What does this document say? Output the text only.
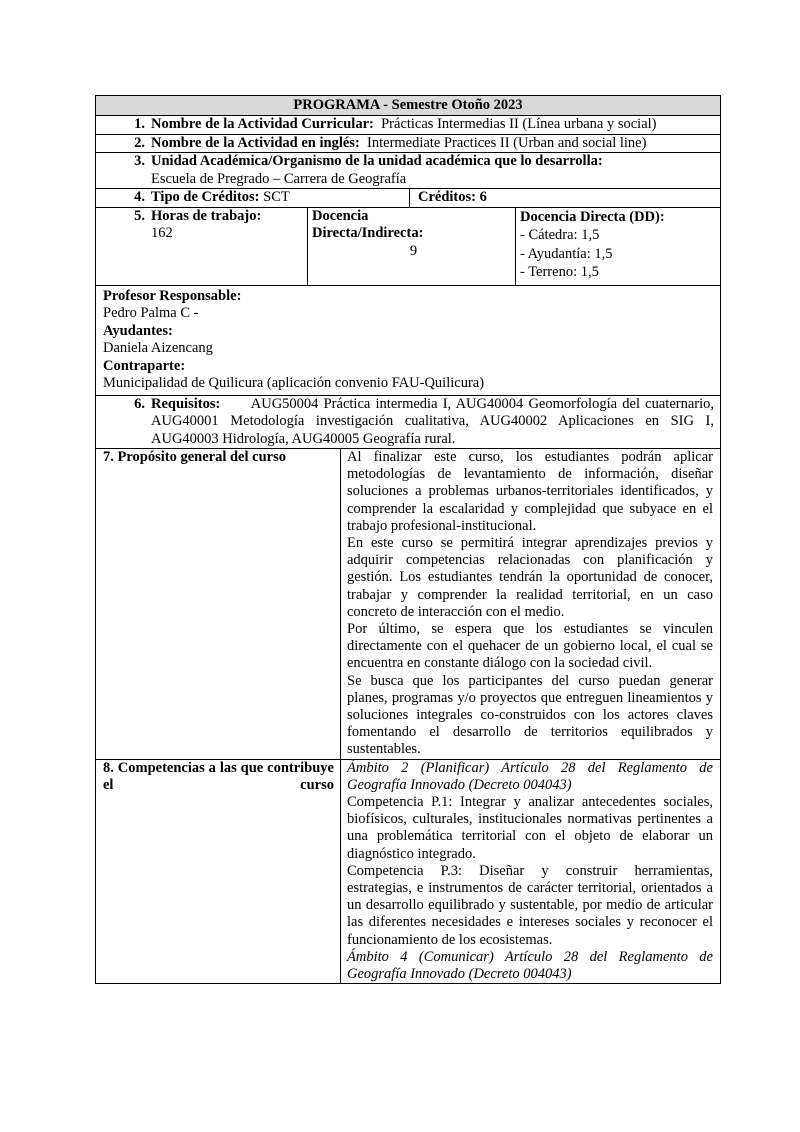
PROGRAMA - Semestre Otoño 2023
1. Nombre de la Actividad Curricular: Prácticas Intermedias II (Línea urbana y social)
2. Nombre de la Actividad en inglés: Intermediate Practices II (Urban and social line)
3. Unidad Académica/Organismo de la unidad académica que lo desarrolla:
Escuela de Pregrado – Carrera de Geografía
4. Tipo de Créditos: SCT	Créditos: 6
5. Horas de trabajo:
162
Docencia
Directa/Indirecta:
9
Docencia Directa (DD):
- Cátedra: 1,5
- Ayudantía: 1,5
- Terreno: 1,5
Profesor Responsable:
Pedro Palma C -
Ayudantes:
Daniela Aizencang
Contraparte:
Municipalidad de Quilicura (aplicación convenio FAU-Quilicura)
6. Requisitos: AUG50004 Práctica intermedia I, AUG40004 Geomorfología del cuaternario, AUG40001 Metodología investigación cualitativa, AUG40002 Aplicaciones en SIG I, AUG40003 Hidrología, AUG40005 Geografía rural.
7. Propósito general del curso	Al finalizar este curso, los estudiantes podrán aplicar metodologías de levantamiento de información, diseñar soluciones a problemas urbanos-territoriales identificados, y comprender la escalaridad y complejidad que subyace en el trabajo profesional-institucional.

En este curso se permitirá integrar aprendizajes previos y adquirir competencias relacionadas con planificación y gestión. Los estudiantes tendrán la oportunidad de conocer, trabajar y comprender la realidad territorial, en un caso concreto de interacción con el medio.

Por último, se espera que los estudiantes se vinculen directamente con el quehacer de un gobierno local, el cual se encuentra en constante diálogo con la sociedad civil.

Se busca que los participantes del curso puedan generar planes, programas y/o proyectos que entreguen lineamientos y soluciones integrales co-construidos con los actores claves fomentando el desarrollo de territorios equilibrados y sustentables.

8. Competencias a las que contribuye el curso

Ámbito 2 (Planificar) Artículo 28 del Reglamento de Geografía Innovado (Decreto 004043)

Competencia P.1: Integrar y analizar antecedentes sociales, biofísicos, culturales, institucionales normativas pertinentes a una problemática territorial con el objeto de elaborar un diagnóstico integrado.

Competencia P.3: Diseñar y construir herramientas, estrategias, e instrumentos de carácter territorial, orientados a un desarrollo equilibrado y sustentable, por medio de articular las diferentes necesidades e intereses sociales y reconocer el funcionamiento de los ecosistemas.

Ámbito 4 (Comunicar) Artículo 28 del Reglamento de Geografía Innovado (Decreto 004043)
